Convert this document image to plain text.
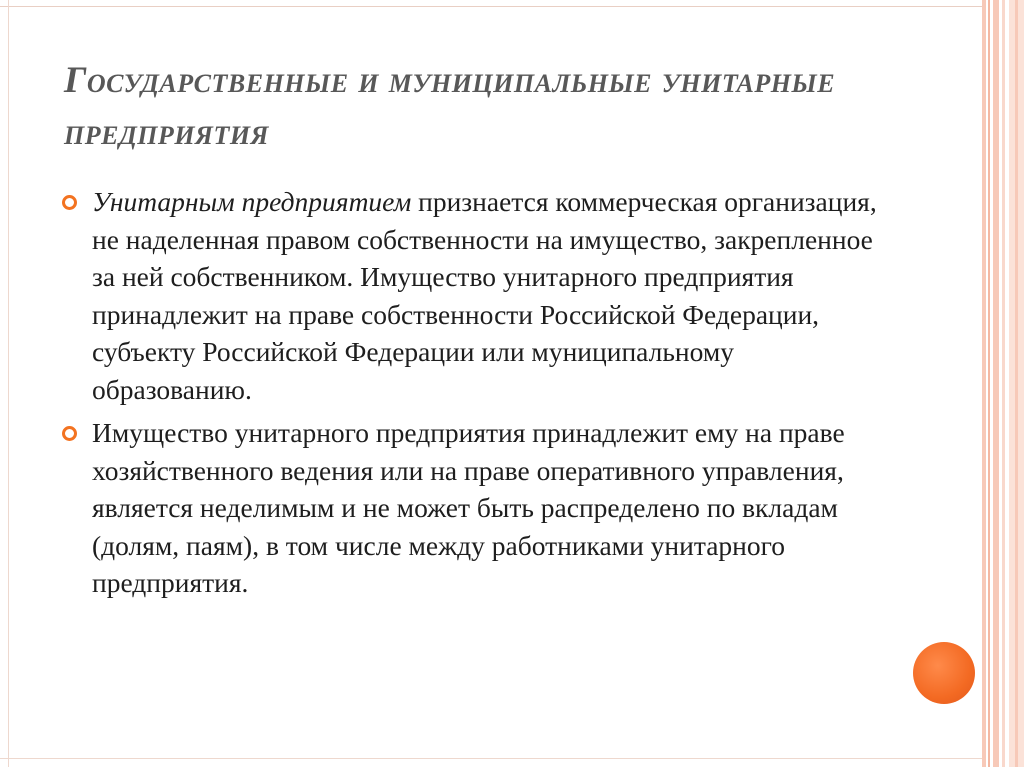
Государственные и муниципальные унитарные предприятия
Унитарным предприятием признается коммерческая организация, не наделенная правом собственности на имущество, закрепленное за ней собственником. Имущество унитарного предприятия принадлежит на праве собственности Российской Федерации, субъекту Российской Федерации или муниципальному образованию.
Имущество унитарного предприятия принадлежит ему на праве хозяйственного ведения или на праве оперативного управления, является неделимым и не может быть распределено по вкладам (долям, паям), в том числе между работниками унитарного предприятия.
